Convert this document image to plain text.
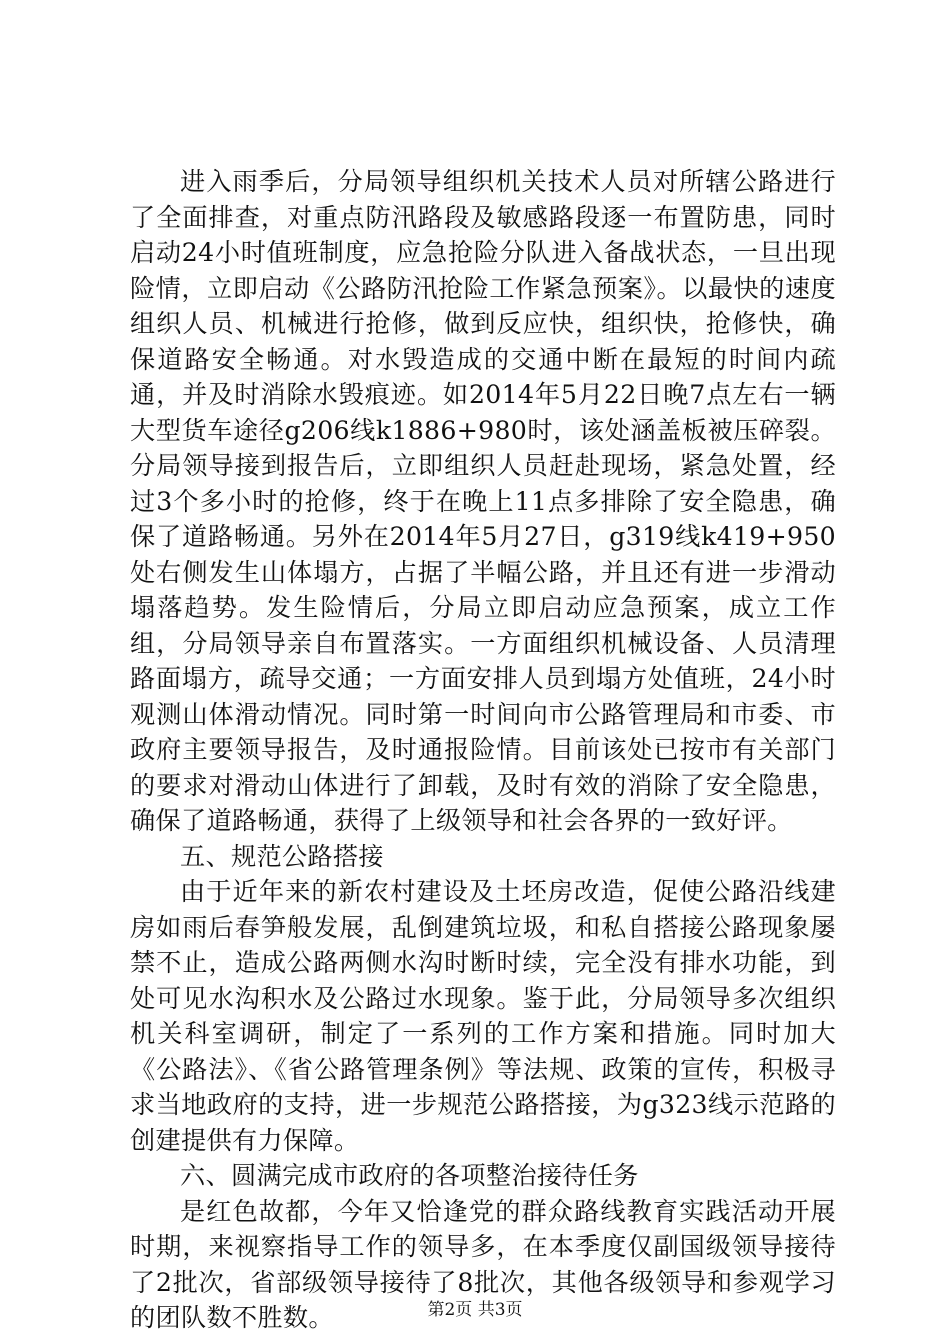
进入雨季后，分局领导组织机关技术人员对所辖公路进行了全面排查，对重点防汛路段及敏感路段逐一布置防患，同时启动24小时值班制度，应急抢险分队进入备战状态，一旦出现险情，立即启动《公路防汛抢险工作紧急预案》。以最快的速度组织人员、机械进行抢修，做到反应快，组织快，抢修快，确保道路安全畅通。对水毁造成的交通中断在最短的时间内疏通，并及时消除水毁痕迹。如2014年5月22日晚7点左右一辆大型货车途径g206线k1886+980时，该处涵盖板被压碎裂。分局领导接到报告后，立即组织人员赶赴现场，紧急处置，经过3个多小时的抢修，终于在晚上11点多排除了安全隐患，确保了道路畅通。另外在2014年5月27日，g319线k419+950处右侧发生山体塌方，占据了半幅公路，并且还有进一步滑动塌落趋势。发生险情后，分局立即启动应急预案，成立工作组，分局领导亲自布置落实。一方面组织机械设备、人员清理路面塌方，疏导交通；一方面安排人员到塌方处值班，24小时观测山体滑动情况。同时第一时间向市公路管理局和市委、市政府主要领导报告，及时通报险情。目前该处已按市有关部门的要求对滑动山体进行了卸载，及时有效的消除了安全隐患，确保了道路畅通，获得了上级领导和社会各界的一致好评。

五、规范公路搭接

由于近年来的新农村建设及土坯房改造，促使公路沿线建房如雨后春笋般发展，乱倒建筑垃圾，和私自搭接公路现象屡禁不止，造成公路两侧水沟时断时续，完全没有排水功能，到处可见水沟积水及公路过水现象。鉴于此，分局领导多次组织机关科室调研，制定了一系列的工作方案和措施。同时加大《公路法》、《省公路管理条例》等法规、政策的宣传，积极寻求当地政府的支持，进一步规范公路搭接，为g323线示范路的创建提供有力保障。

六、圆满完成市政府的各项整治接待任务

是红色故都，今年又恰逢党的群众路线教育实践活动开展时期，来视察指导工作的领导多，在本季度仅副国级领导接待了2批次，省部级领导接待了8批次，其他各级领导和参观学习的团队数不胜数。	第2页 共3页
